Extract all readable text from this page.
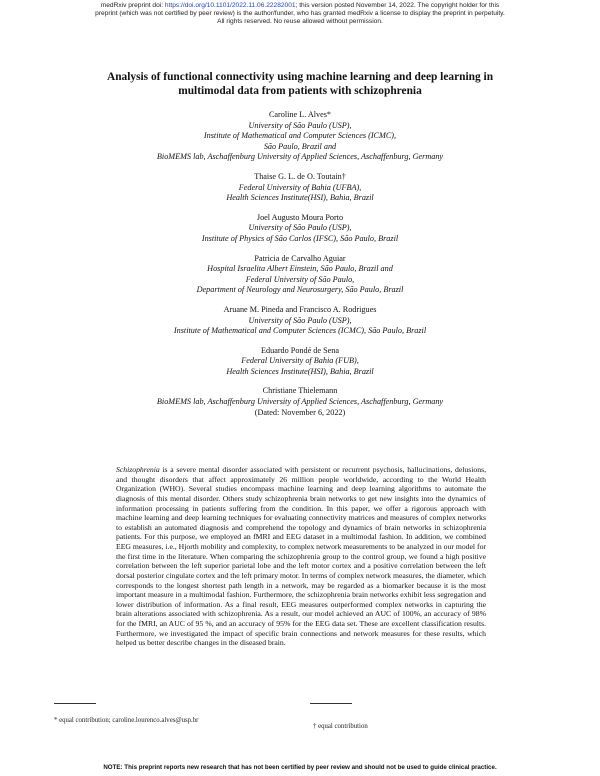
medRxiv preprint doi: https://doi.org/10.1101/2022.11.06.22282001; this version posted November 14, 2022. The copyright holder for this
preprint (which was not certified by peer review) is the author/funder, who has granted medRxiv a license to display the preprint in perpetuity.
All rights reserved. No reuse allowed without permission.
Analysis of functional connectivity using machine learning and deep learning in
multimodal data from patients with schizophrenia
Caroline L. Alves*
University of São Paulo (USP),
Institute of Mathematical and Computer Sciences (ICMC),
São Paulo, Brazil and
BioMEMS lab, Aschaffenburg University of Applied Sciences, Aschaffenburg, Germany
Thaise G. L. de O. Toutain†
Federal University of Bahia (UFBA),
Health Sciences Institute(HSI), Bahia, Brazil
Joel Augusto Moura Porto
University of São Paulo (USP),
Institute of Physics of São Carlos (IFSC), São Paulo, Brazil
Patricia de Carvalho Aguiar
Hospital Israelita Albert Einstein, São Paulo, Brazil and
Federal University of São Paulo,
Department of Neurology and Neurosurgery, São Paulo, Brazil
Aruane M. Pineda and Francisco A. Rodrigues
University of São Paulo (USP),
Institute of Mathematical and Computer Sciences (ICMC), São Paulo, Brazil
Eduardo Pondé de Sena
Federal University of Bahia (FUB),
Health Sciences Institute(HSI), Bahia, Brazil
Christiane Thielemann
BioMEMS lab, Aschaffenburg University of Applied Sciences, Aschaffenburg, Germany
(Dated: November 6, 2022)
Schizophrenia is a severe mental disorder associated with persistent or recurrent psychosis, hallucinations, delusions, and thought disorders that affect approximately 26 million people worldwide, according to the World Health Organization (WHO). Several studies encompass machine learning and deep learning algorithms to automate the diagnosis of this mental disorder. Others study schizophrenia brain networks to get new insights into the dynamics of information processing in patients suffering from the condition. In this paper, we offer a rigorous approach with machine learning and deep learning techniques for evaluating connectivity matrices and measures of complex networks to establish an automated diagnosis and comprehend the topology and dynamics of brain networks in schizophrenia patients. For this purpose, we employed an fMRI and EEG dataset in a multimodal fashion. In addition, we combined EEG measures, i.e., Hjorth mobility and complexity, to complex network measurements to be analyzed in our model for the first time in the literature. When comparing the schizophrenia group to the control group, we found a high positive correlation between the left superior parietal lobe and the left motor cortex and a positive correlation between the left dorsal posterior cingulate cortex and the left primary motor. In terms of complex network measures, the diameter, which corresponds to the longest shortest path length in a network, may be regarded as a biomarker because it is the most important measure in a multimodal fashion. Furthermore, the schizophrenia brain networks exhibit less segregation and lower distribution of information. As a final result, EEG measures outperformed complex networks in capturing the brain alterations associated with schizophrenia. As a result, our model achieved an AUC of 100%, an accuracy of 98% for the fMRI, an AUC of 95 %, and an accuracy of 95% for the EEG data set. These are excellent classification results. Furthermore, we investigated the impact of specific brain connections and network measures for these results, which helped us better describe changes in the diseased brain.
* equal contribution; caroline.lourenco.alves@usp.br
† equal contribution
NOTE: This preprint reports new research that has not been certified by peer review and should not be used to guide clinical practice.
